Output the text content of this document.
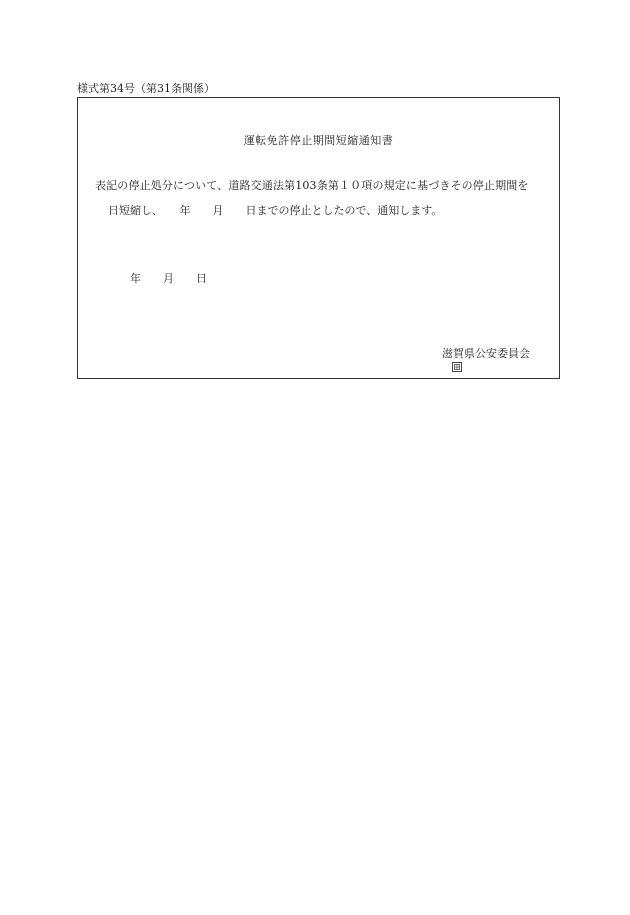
様式第34号（第31条関係）
運転免許停止期間短縮通知書
表記の停止処分について、道路交通法第103条第１０項の規定に基づきその停止期間を
日短縮し、　　年　　月　　日までの停止としたので、通知します。
年　　月　　日

滋賀県公安委員会
